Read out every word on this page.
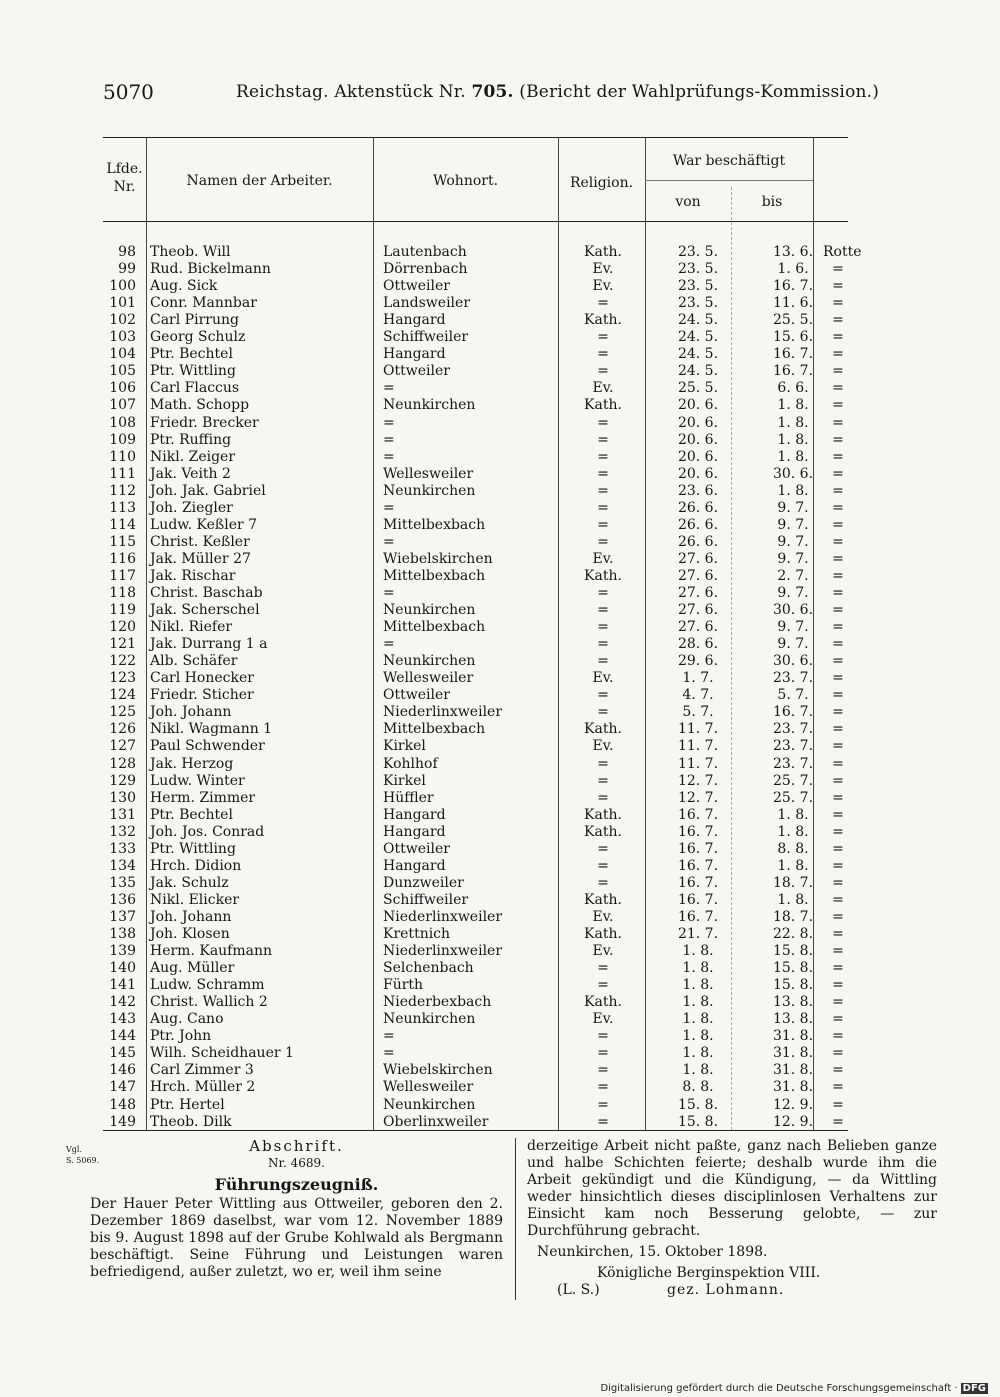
5070	Reichstag. Aktenstück Nr. 705. (Bericht der Wahlprüfungs-Kommission.)
Lfde. Nr.	Namen der Arbeiter.	Wohnort.	Religion.
War beschäftigt
von	bis
98 Theob. Will	Lautenbach	Kath.	23. 5.	13. 6. Rotte
99 Rud. Bickelmann	Dörrenbach	Ev.	23. 5.	1. 6.	=
100 Aug. Sick	Ottweiler	Ev.	23. 5.	16. 7.	=
101 Conr. Mannbar	Landsweiler	=	23. 5.	11. 6.	=
102 Carl Pirrung	Hangard	Kath.	24. 5.	25. 5.	=
103 Georg Schulz	Schiffweiler	=	24. 5.	15. 6.	=
104 Ptr. Bechtel	Hangard	=	24. 5.	16. 7.	=
105 Ptr. Wittling	Ottweiler	=	24. 5.	16. 7.	=
106 Carl Flaccus	=	Ev.	25. 5.	6. 6.	=
107 Math. Schopp	Neunkirchen	Kath.	20. 6.	1. 8.	=
108 Friedr. Brecker	=	=	20. 6.	1. 8.	=
109 Ptr. Ruffing	=	=	20. 6.	1. 8.	=
110 Nikl. Zeiger	=	=	20. 6.	1. 8.	=
111 Jak. Veith 2	Wellesweiler	=	20. 6.	30. 6.	=
112 Joh. Jak. Gabriel	Neunkirchen	=	23. 6.	1. 8.	=
113 Joh. Ziegler	=	=	26. 6.	9. 7.	=
114 Ludw. Keßler 7	Mittelbexbach	=	26. 6.	9. 7.	=
115 Christ. Keßler	=	=	26. 6.	9. 7.	=
116 Jak. Müller 27	Wiebelskirchen	Ev.	27. 6.	9. 7.	=
117 Jak. Rischar	Mittelbexbach	Kath.	27. 6.	2. 7.	=
118 Christ. Baschab	=	=	27. 6.	9. 7.	=
119 Jak. Scherschel	Neunkirchen	=	27. 6.	30. 6.	=
120 Nikl. Riefer	Mittelbexbach	=	27. 6.	9. 7.	=
121 Jak. Durrang 1 a	=	=	28. 6.	9. 7.	=
122 Alb. Schäfer	Neunkirchen	=	29. 6.	30. 6.	=
123 Carl Honecker	Wellesweiler	Ev.	1. 7.	23. 7.	=
124 Friedr. Sticher	Ottweiler	=	4. 7.	5. 7.	=
125 Joh. Johann	Niederlinxweiler	=	5. 7.	16. 7.	=
126 Nikl. Wagmann 1	Mittelbexbach	Kath.	11. 7.	23. 7.	=
127 Paul Schwender	Kirkel	Ev.	11. 7.	23. 7.	=
128 Jak. Herzog	Kohlhof	=	11. 7.	23. 7.	=
129 Ludw. Winter	Kirkel	=	12. 7.	25. 7.	=
130 Herm. Zimmer	Hüffler	=	12. 7.	25. 7.	=
131 Ptr. Bechtel	Hangard	Kath.	16. 7.	1. 8.	=
132 Joh. Jos. Conrad	Hangard	Kath.	16. 7.	1. 8.	=
133 Ptr. Wittling	Ottweiler	=	16. 7.	8. 8.	=
134 Hrch. Didion	Hangard	=	16. 7.	1. 8.	=
135 Jak. Schulz	Dunzweiler	=	16. 7.	18. 7.	=
136 Nikl. Elicker	Schiffweiler	Kath.	16. 7.	1. 8.	=
137 Joh. Johann	Niederlinxweiler	Ev.	16. 7.	18. 7.	=
138 Joh. Klosen	Krettnich	Kath.	21. 7.	22. 8.	=
139 Herm. Kaufmann	Niederlinxweiler	Ev.	1. 8.	15. 8.	=
140 Aug. Müller	Selchenbach	=	1. 8.	15. 8.	=
141 Ludw. Schramm	Fürth	=	1. 8.	15. 8.	=
142 Christ. Wallich 2	Niederbexbach	Kath.	1. 8.	13. 8.	=
143 Aug. Cano	Neunkirchen	Ev.	1. 8.	13. 8.	=
144 Ptr. John	=	=	1. 8.	31. 8.	=
145 Wilh. Scheidhauer 1	=	=	1. 8.	31. 8.	=
146 Carl Zimmer 3	Wiebelskirchen	=	1. 8.	31. 8.	=
147 Hrch. Müller 2	Wellesweiler	=	8. 8.	31. 8.	=
148 Ptr. Hertel	Neunkirchen	=	15. 8.	12. 9.	=
149 Theob. Dilk	Oberlinxweiler	=	15. 8.	12. 9.	=
Vgl.
S. 5069.
Abschrift.
Nr. 4689.
Führungszeugniß.
Der Hauer Peter Wittling aus Ottweiler, geboren den 2. Dezember 1869 daselbst, war vom 12. November 1889 bis 9. August 1898 auf der Grube Kohlwald als Bergmann beschäftigt. Seine Führung und Leistungen waren befriedigend, außer zuletzt, wo er, weil ihm seine
derzeitige Arbeit nicht paßte, ganz nach Belieben ganze und halbe Schichten feierte; deshalb wurde ihm die Arbeit gekündigt und die Kündigung, — da Wittling weder hinsichtlich dieses disciplinlosen Verhaltens zur Einsicht kam noch Besserung gelobte, — zur Durchführung gebracht.
Neunkirchen, 15. Oktober 1898.
Königliche Berginspektion VIII.
(L. S.)	gez. Lohmann.
Digitalisierung gefördert durch die Deutsche Forschungsgemeinschaft · DFG
